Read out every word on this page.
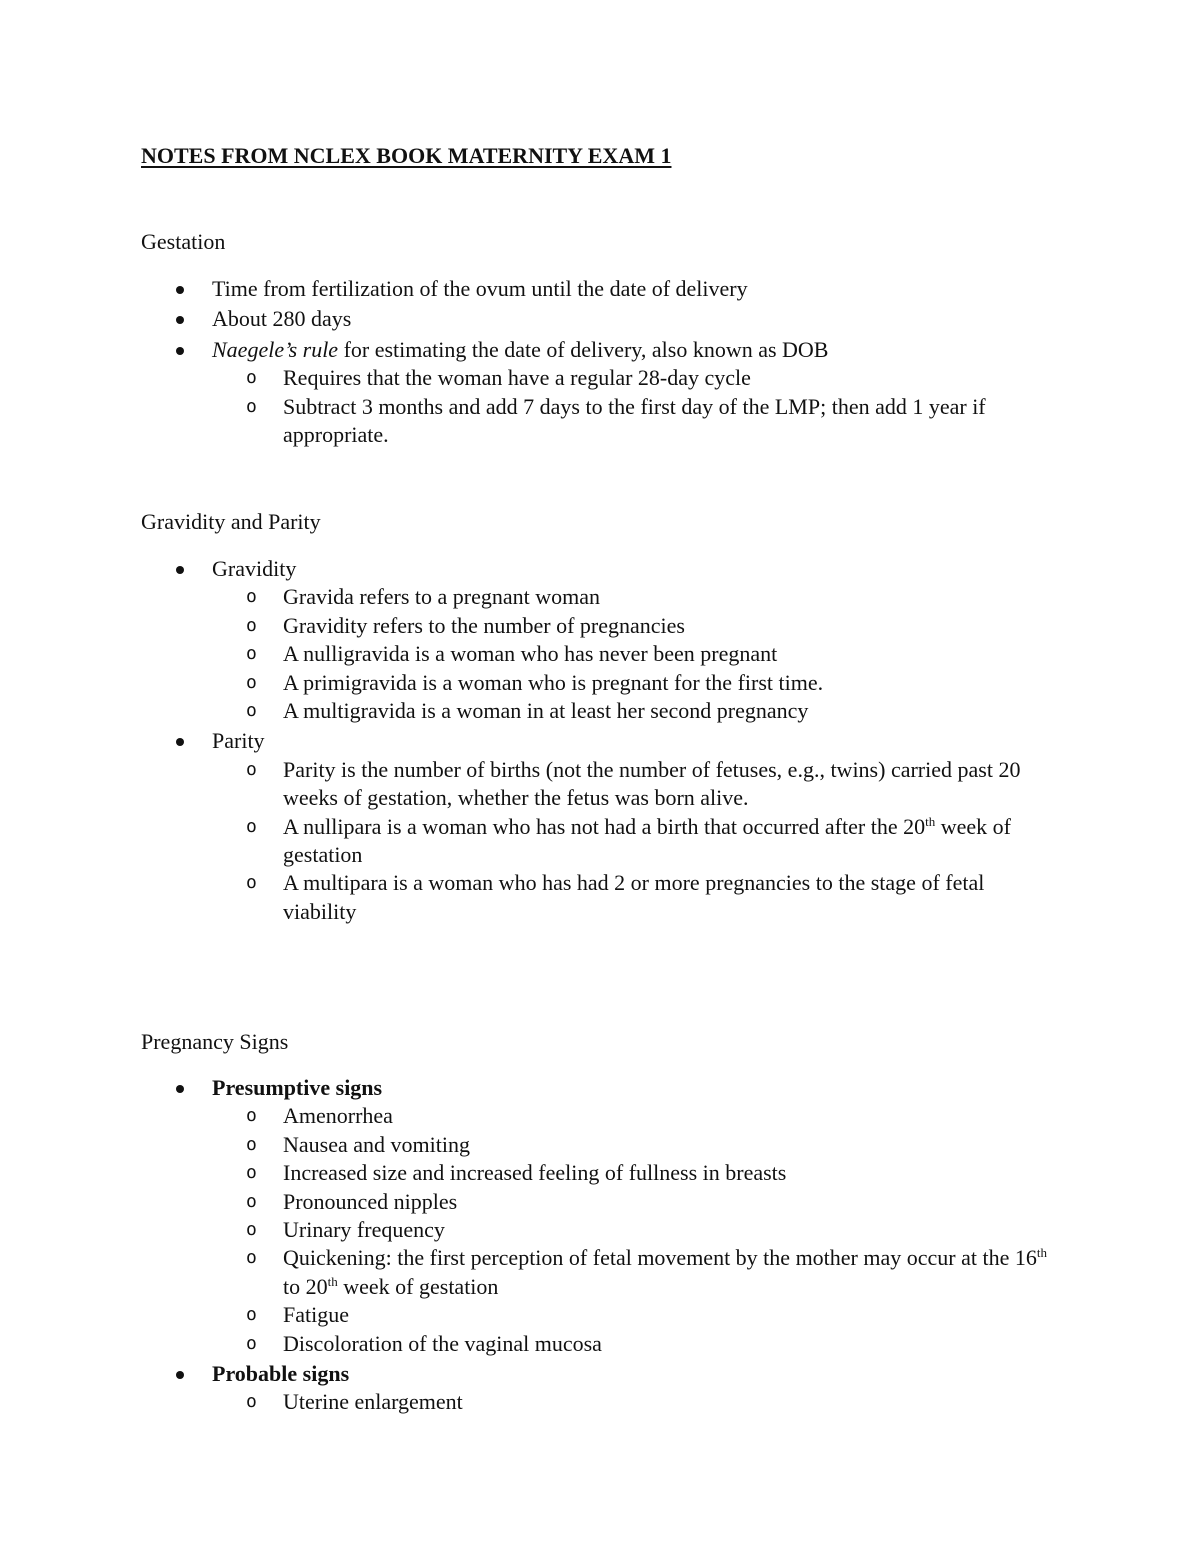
NOTES FROM NCLEX BOOK MATERNITY EXAM 1
Gestation
Time from fertilization of the ovum until the date of delivery
About 280 days
Naegele’s rule for estimating the date of delivery, also known as DOB
o Requires that the woman have a regular 28-day cycle
o Subtract 3 months and add 7 days to the first day of the LMP; then add 1 year if appropriate.
Gravidity and Parity
Gravidity
o Gravida refers to a pregnant woman
o Gravidity refers to the number of pregnancies
o A nulligravida is a woman who has never been pregnant
o A primigravida is a woman who is pregnant for the first time.
o A multigravida is a woman in at least her second pregnancy
Parity
o Parity is the number of births (not the number of fetuses, e.g., twins) carried past 20 weeks of gestation, whether the fetus was born alive.
o A nullipara is a woman who has not had a birth that occurred after the 20th week of gestation
o A multipara is a woman who has had 2 or more pregnancies to the stage of fetal viability
Pregnancy Signs
Presumptive signs
o Amenorrhea
o Nausea and vomiting
o Increased size and increased feeling of fullness in breasts
o Pronounced nipples
o Urinary frequency
o Quickening: the first perception of fetal movement by the mother may occur at the 16th to 20th week of gestation
o Fatigue
o Discoloration of the vaginal mucosa
Probable signs
o Uterine enlargement
